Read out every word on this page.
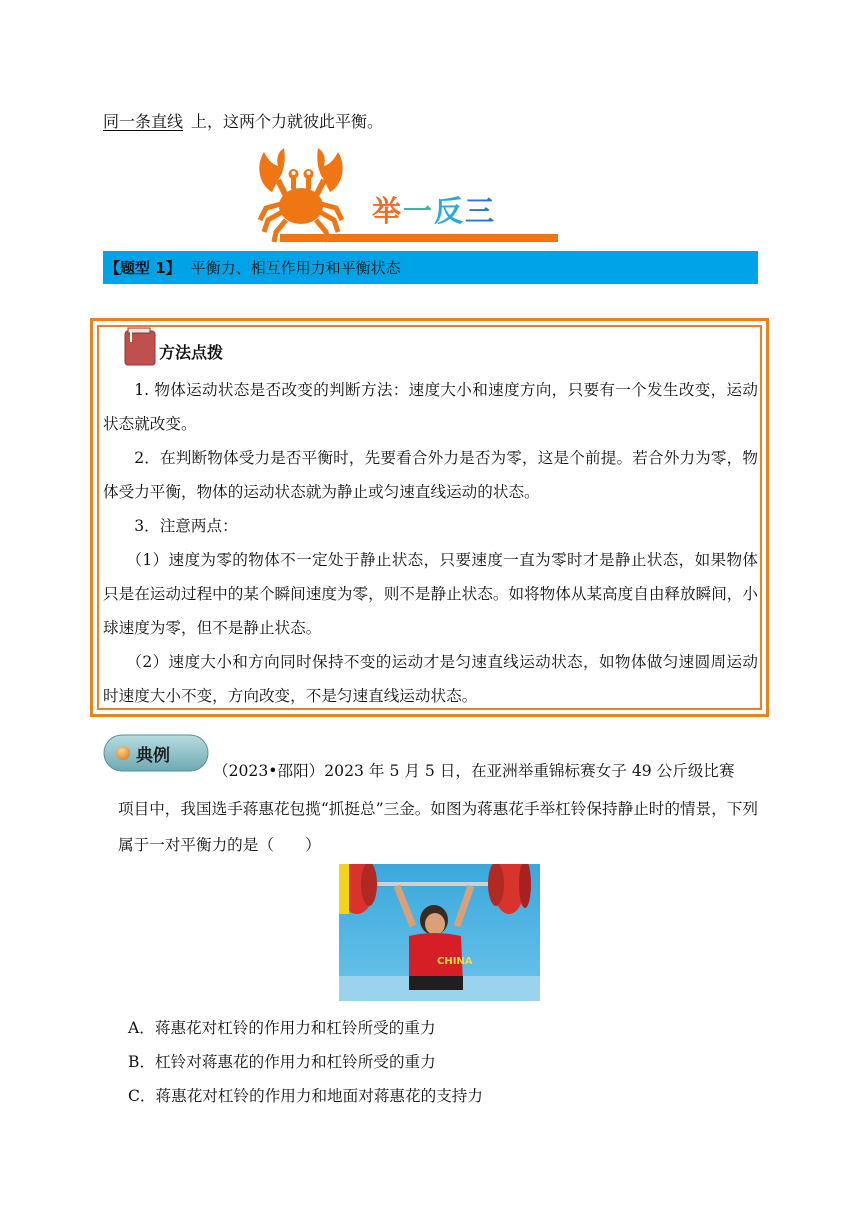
同一条直线 上，这两个力就彼此平衡。
举一反三
【题型 1】 平衡力、相互作用力和平衡状态
方法点拨

1. 物体运动状态是否改变的判断方法：速度大小和速度方向，只要有一个发生改变，运动状态就改变。

2．在判断物体受力是否平衡时，先要看合外力是否为零，这是个前提。若合外力为零，物体受力平衡，物体的运动状态就为静止或匀速直线运动的状态。

3．注意两点：

（1）速度为零的物体不一定处于静止状态，只要速度一直为零时才是静止状态，如果物体只是在运动过程中的某个瞬间速度为零，则不是静止状态。如将物体从某高度自由释放瞬间，小球速度为零，但不是静止状态。

（2）速度大小和方向同时保持不变的运动才是匀速直线运动状态，如物体做匀速圆周运动时速度大小不变，方向改变，不是匀速直线运动状态。

典例
（2023•邵阳）2023 年 5 月 5 日，在亚洲举重锦标赛女子 49 公斤级比赛
项目中，我国选手蒋惠花包揽“抓挺总”三金。如图为蒋惠花手举杠铃保持静止时的情景，下列属于一对平衡力的是（　　）
CHINA
A．蒋惠花对杠铃的作用力和杠铃所受的重力
B．杠铃对蒋惠花的作用力和杠铃所受的重力
C．蒋惠花对杠铃的作用力和地面对蒋惠花的支持力
